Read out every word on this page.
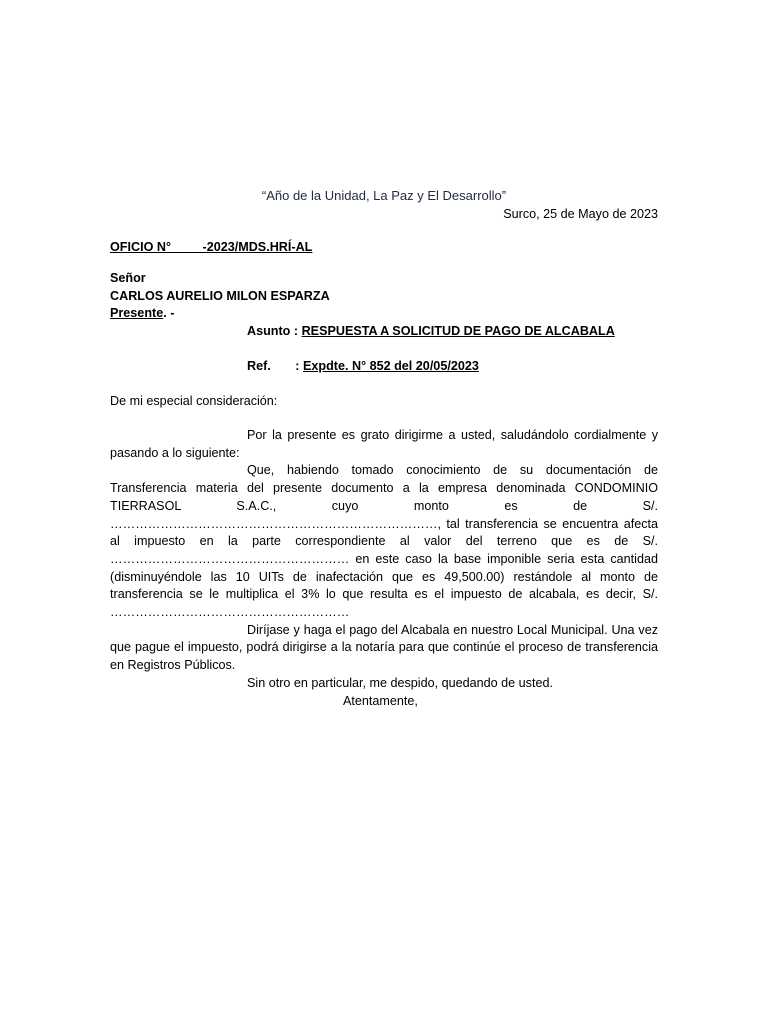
“Año de la Unidad, La Paz y El Desarrollo”
Surco, 25 de Mayo de 2023
OFICIO N°         -2023/MDS.HRÍ-AL
Señor
CARLOS AURELIO MILON ESPARZA
Presente. -
Asunto : RESPUESTA A SOLICITUD DE PAGO DE ALCABALA
Ref.       : Expdte. N° 852 del 20/05/2023
De mi especial consideración:

Por la presente es grato dirigirme a usted, saludándolo cordialmente y pasando a lo siguiente:

Que, habiendo tomado conocimiento de su documentación de Transferencia materia del presente documento a la empresa denominada CONDOMINIO TIERRASOL S.A.C., cuyo monto es de S/. ……………………………………………………………………, tal transferencia se encuentra afecta al impuesto en la parte correspondiente al valor del terreno que es de S/. ………………………………………………… en este caso la base imponible seria esta cantidad (disminuyéndole las 10 UITs de inafectación que es 49,500.00) restándole al monto de transferencia se le multiplica el 3% lo que resulta es el impuesto de alcabala, es decir, S/. …………………………………………………

Diríjase y haga el pago del Alcabala en nuestro Local Municipal. Una vez que pague el impuesto, podrá dirigirse a la notaría para que continúe el proceso de transferencia en Registros Públicos.

Sin otro en particular, me despido, quedando de usted.

Atentamente,
